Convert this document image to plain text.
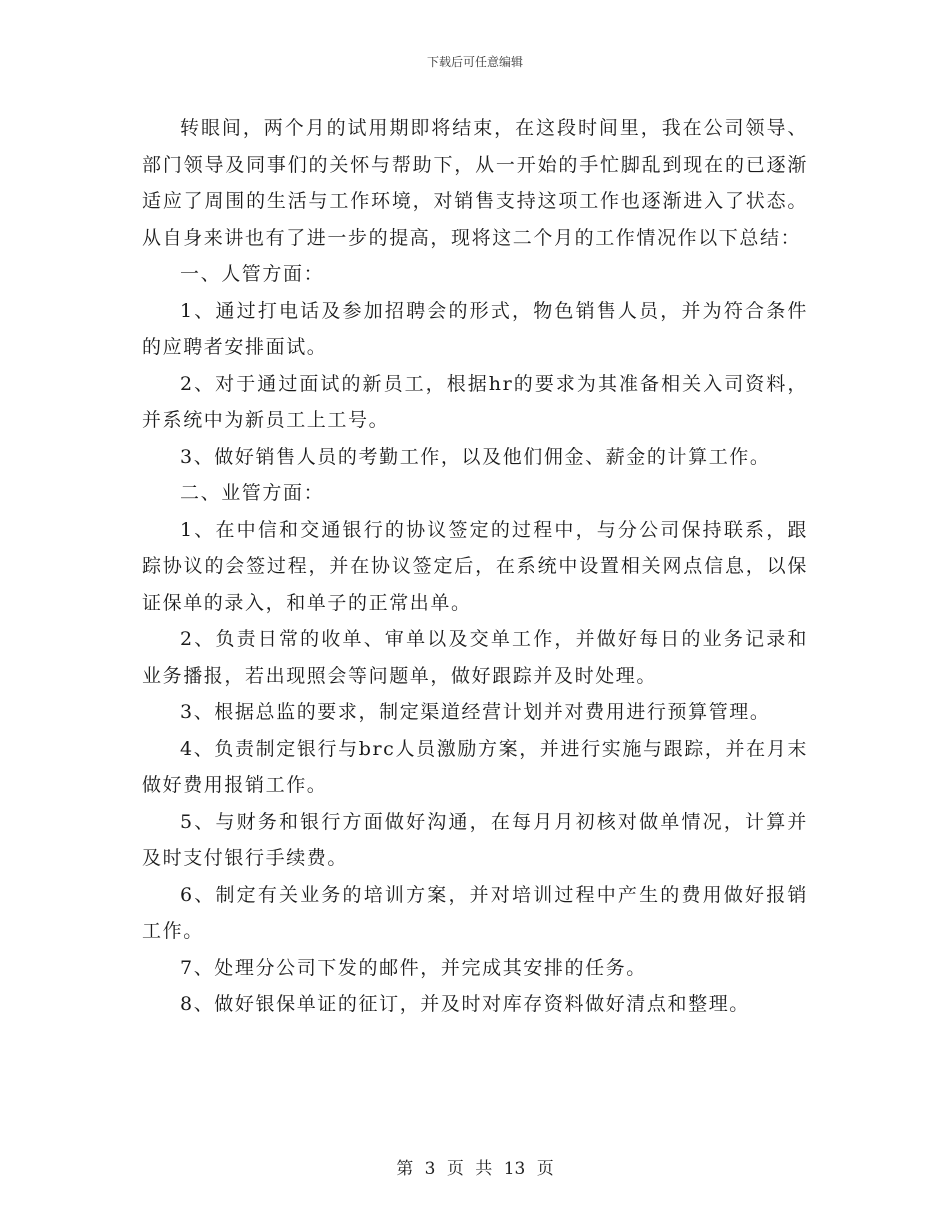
下载后可任意编辑

转眼间，两个月的试用期即将结束，在这段时间里，我在公司领导、部门领导及同事们的关怀与帮助下，从一开始的手忙脚乱到现在的已逐渐适应了周围的生活与工作环境，对销售支持这项工作也逐渐进入了状态。从自身来讲也有了进一步的提高，现将这二个月的工作情况作以下总结：

一、人管方面：

1、通过打电话及参加招聘会的形式，物色销售人员，并为符合条件的应聘者安排面试。

2、对于通过面试的新员工，根据hr的要求为其准备相关入司资料，并系统中为新员工上工号。

3、做好销售人员的考勤工作，以及他们佣金、薪金的计算工作。

二、业管方面：

1、在中信和交通银行的协议签定的过程中，与分公司保持联系，跟踪协议的会签过程，并在协议签定后，在系统中设置相关网点信息，以保证保单的录入，和单子的正常出单。

2、负责日常的收单、审单以及交单工作，并做好每日的业务记录和业务播报，若出现照会等问题单，做好跟踪并及时处理。

3、根据总监的要求，制定渠道经营计划并对费用进行预算管理。

4、负责制定银行与brc人员激励方案，并进行实施与跟踪，并在月末做好费用报销工作。

5、与财务和银行方面做好沟通，在每月月初核对做单情况，计算并及时支付银行手续费。

6、制定有关业务的培训方案，并对培训过程中产生的费用做好报销工作。

7、处理分公司下发的邮件，并完成其安排的任务。

8、做好银保单证的征订，并及时对库存资料做好清点和整理。

第 3 页 共 13 页
